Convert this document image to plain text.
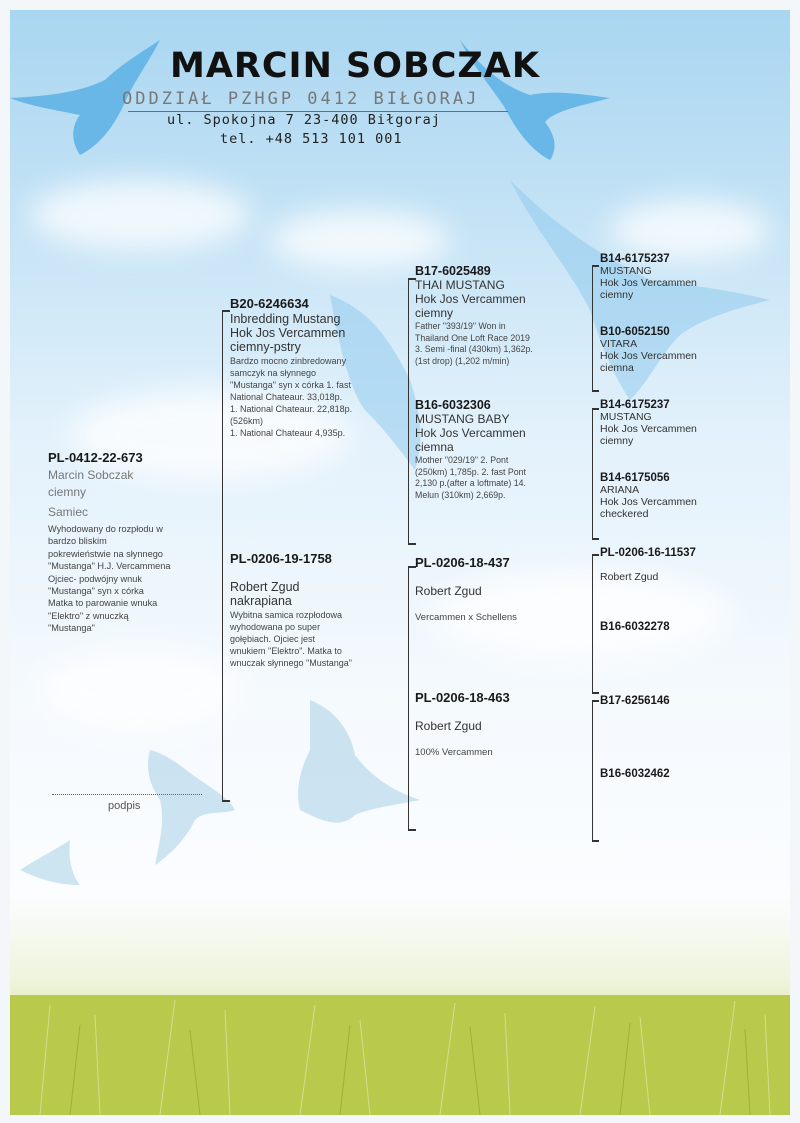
MARCIN SOBCZAK
ODDZIAŁ PZHGP 0412 BIŁGORAJ
ul. Spokojna 7 23-400 Biłgoraj
tel. +48 513 101 001
PL-0412-22-673
Marcin Sobczak
ciemny
Samiec
Wyhodowany do rozpłodu w
bardzo bliskim
pokrewieństwie na słynnego
"Mustanga" H.J. Vercammena
Ojciec- podwójny wnuk
"Mustanga" syn x córka
Matka to parowanie wnuka
"Elektro" z wnuczką
"Mustanga"
podpis
B20-6246634
Inbredding Mustang
Hok Jos Vercammen
ciemny-pstry
Bardzo mocno zinbredowany
samczyk na słynnego
"Mustanga" syn x córka 1. fast
National Chateaur. 33,018p.
1. National Chateaur. 22,818p.
(526km)
1. National Chateaur 4,935p.
PL-0206-19-1758
Robert Zgud
nakrapiana
Wybitna samica rozpłodowa
wyhodowana po super
gołębiach. Ojciec jest
wnukiem "Elektro". Matka to
wnuczak słynnego "Mustanga"
B17-6025489
THAI MUSTANG
Hok Jos Vercammen
ciemny
Father "393/19" Won in
Thailand One Loft Race 2019
3. Semi -final (430km) 1,362p.
(1st drop) (1,202 m/min)
B16-6032306
MUSTANG BABY
Hok Jos Vercammen
ciemna
Mother "029/19" 2. Pont
(250km) 1,785p. 2. fast Pont
2,130 p.(after a loftmate) 14.
Melun (310km) 2,669p.
PL-0206-18-437
Robert Zgud
Vercammen x Schellens
PL-0206-18-463
Robert Zgud
100% Vercammen
B14-6175237
MUSTANG
Hok Jos Vercammen
ciemny
B10-6052150
VITARA
Hok Jos Vercammen
ciemna
B14-6175237
MUSTANG
Hok Jos Vercammen
ciemny
B14-6175056
ARIANA
Hok Jos Vercammen
checkered
PL-0206-16-11537
Robert Zgud
B16-6032278
B17-6256146
B16-6032462
